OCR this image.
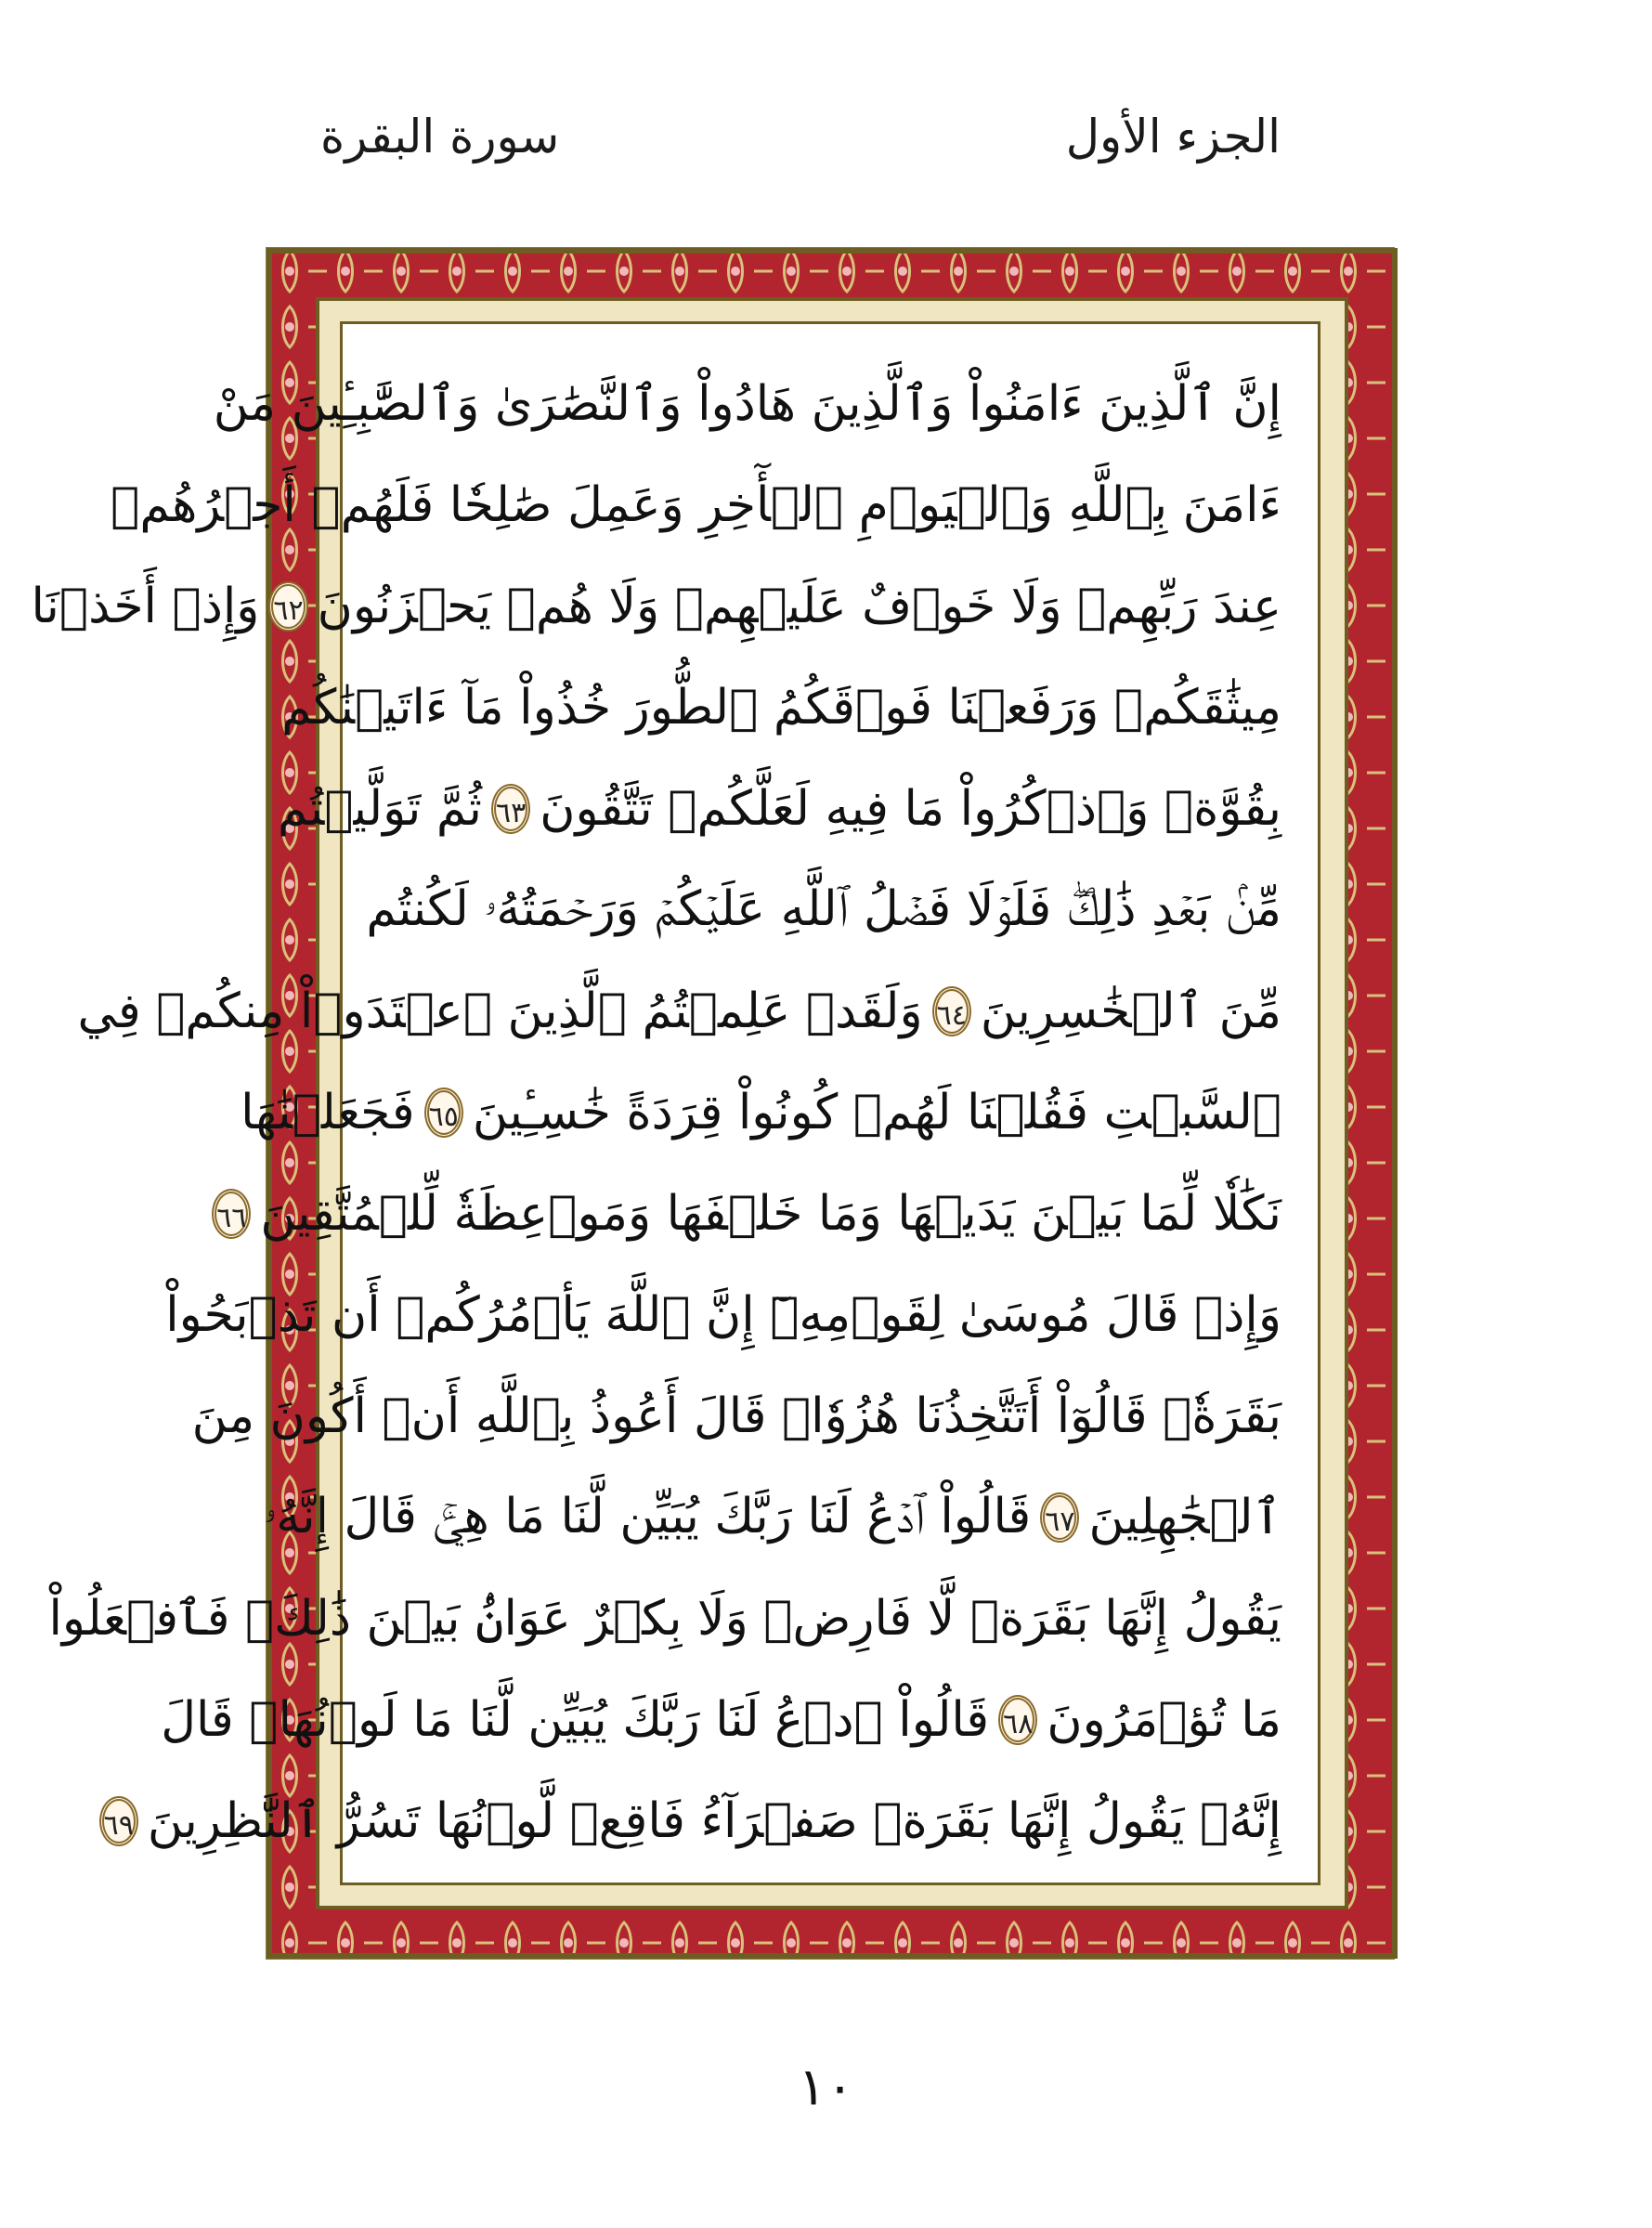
الجزء الأول
سورة البقرة
إِنَّ ٱلَّذِينَ ءَامَنُواْ وَٱلَّذِينَ هَادُواْ وَٱلنَّصَٰرَىٰ وَٱلصَّٰبِـِٔينَ مَنْ
ءَامَنَ بِٱللَّهِ وَٱلۡيَوۡمِ ٱلۡأٓخِرِ وَعَمِلَ صَٰلِحٗا فَلَهُمۡ أَجۡرُهُمۡ
عِندَ رَبِّهِمۡ وَلَا خَوۡفٌ عَلَيۡهِمۡ وَلَا هُمۡ يَحۡزَنُونَ
٦٢
وَإِذۡ أَخَذۡنَا
مِيثَٰقَكُمۡ وَرَفَعۡنَا فَوۡقَكُمُ ٱلطُّورَ خُذُواْ مَآ ءَاتَيۡنَٰكُم
بِقُوَّةٖ وَٱذۡكُرُواْ مَا فِيهِ لَعَلَّكُمۡ تَتَّقُونَ
٦٣
ثُمَّ تَوَلَّيۡتُم
مِّنۢ بَعۡدِ ذَٰلِكَۖ فَلَوۡلَا فَضۡلُ ٱللَّهِ عَلَيۡكُمۡ وَرَحۡمَتُهُۥ لَكُنتُم
مِّنَ ٱلۡخَٰسِرِينَ
٦٤
وَلَقَدۡ عَلِمۡتُمُ ٱلَّذِينَ ٱعۡتَدَوۡاْ مِنكُمۡ فِي
ٱلسَّبۡتِ فَقُلۡنَا لَهُمۡ كُونُواْ قِرَدَةً خَٰسِـِٔينَ
٦٥
فَجَعَلۡنَٰهَا
نَكَٰلٗا لِّمَا بَيۡنَ يَدَيۡهَا وَمَا خَلۡفَهَا وَمَوۡعِظَةٗ لِّلۡمُتَّقِينَ
٦٦
وَإِذۡ قَالَ مُوسَىٰ لِقَوۡمِهِۦٓ إِنَّ ٱللَّهَ يَأۡمُرُكُمۡ أَن تَذۡبَحُواْ
بَقَرَةٗۖ قَالُوٓاْ أَتَتَّخِذُنَا هُزُوٗاۖ قَالَ أَعُوذُ بِٱللَّهِ أَنۡ أَكُونَ مِنَ
ٱلۡجَٰهِلِينَ
٦٧
قَالُواْ ٱدۡعُ لَنَا رَبَّكَ يُبَيِّن لَّنَا مَا هِيَۚ قَالَ إِنَّهُۥ
يَقُولُ إِنَّهَا بَقَرَةٞ لَّا فَارِضٞ وَلَا بِكۡرٌ عَوَانُۢ بَيۡنَ ذَٰلِكَۖ فَٱفۡعَلُواْ
مَا تُؤۡمَرُونَ
٦٨
قَالُواْ ٱدۡعُ لَنَا رَبَّكَ يُبَيِّن لَّنَا مَا لَوۡنُهَاۚ قَالَ
إِنَّهُۥ يَقُولُ إِنَّهَا بَقَرَةٞ صَفۡرَآءُ فَاقِعٞ لَّوۡنُهَا تَسُرُّ ٱلنَّٰظِرِينَ
٦٩
١٠
